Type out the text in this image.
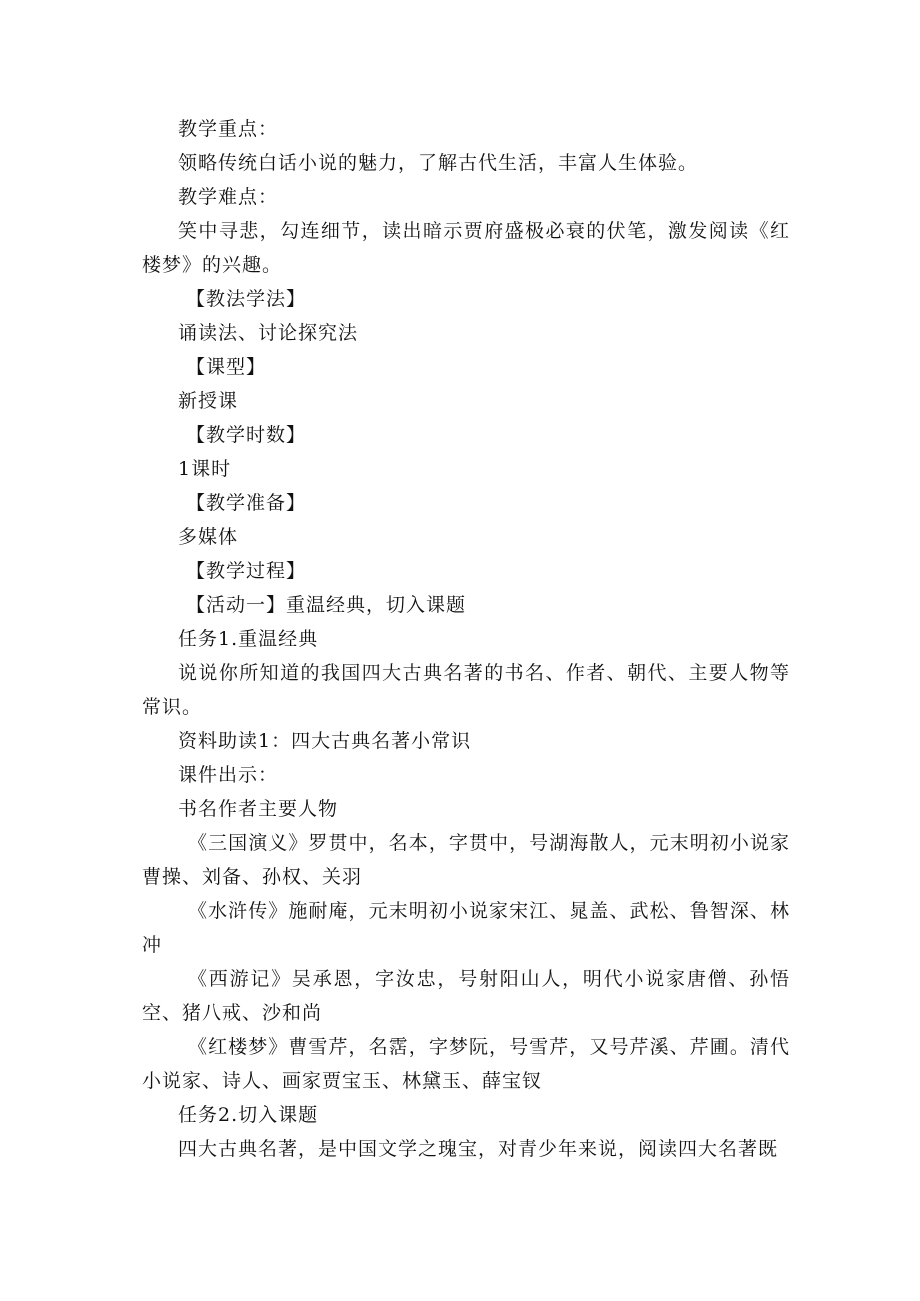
教学重点：

领略传统白话小说的魅力，了解古代生活，丰富人生体验。

教学难点：

笑中寻悲，勾连细节，读出暗示贾府盛极必衰的伏笔，激发阅读《红楼梦》的兴趣。

【教法学法】

诵读法、讨论探究法

【课型】

新授课

【教学时数】

1课时

【教学准备】

多媒体

【教学过程】

【活动一】重温经典，切入课题

任务1.重温经典

说说你所知道的我国四大古典名著的书名、作者、朝代、主要人物等常识。

资料助读1：四大古典名著小常识

课件出示：

书名作者主要人物

《三国演义》罗贯中，名本，字贯中，号湖海散人，元末明初小说家曹操、刘备、孙权、关羽

《水浒传》施耐庵，元末明初小说家宋江、晁盖、武松、鲁智深、林冲

《西游记》吴承恩，字汝忠，号射阳山人，明代小说家唐僧、孙悟空、猪八戒、沙和尚

《红楼梦》曹雪芹，名霑，字梦阮，号雪芹，又号芹溪、芹圃。清代小说家、诗人、画家贾宝玉、林黛玉、薛宝钗

任务2.切入课题

四大古典名著，是中国文学之瑰宝，对青少年来说，阅读四大名著既
